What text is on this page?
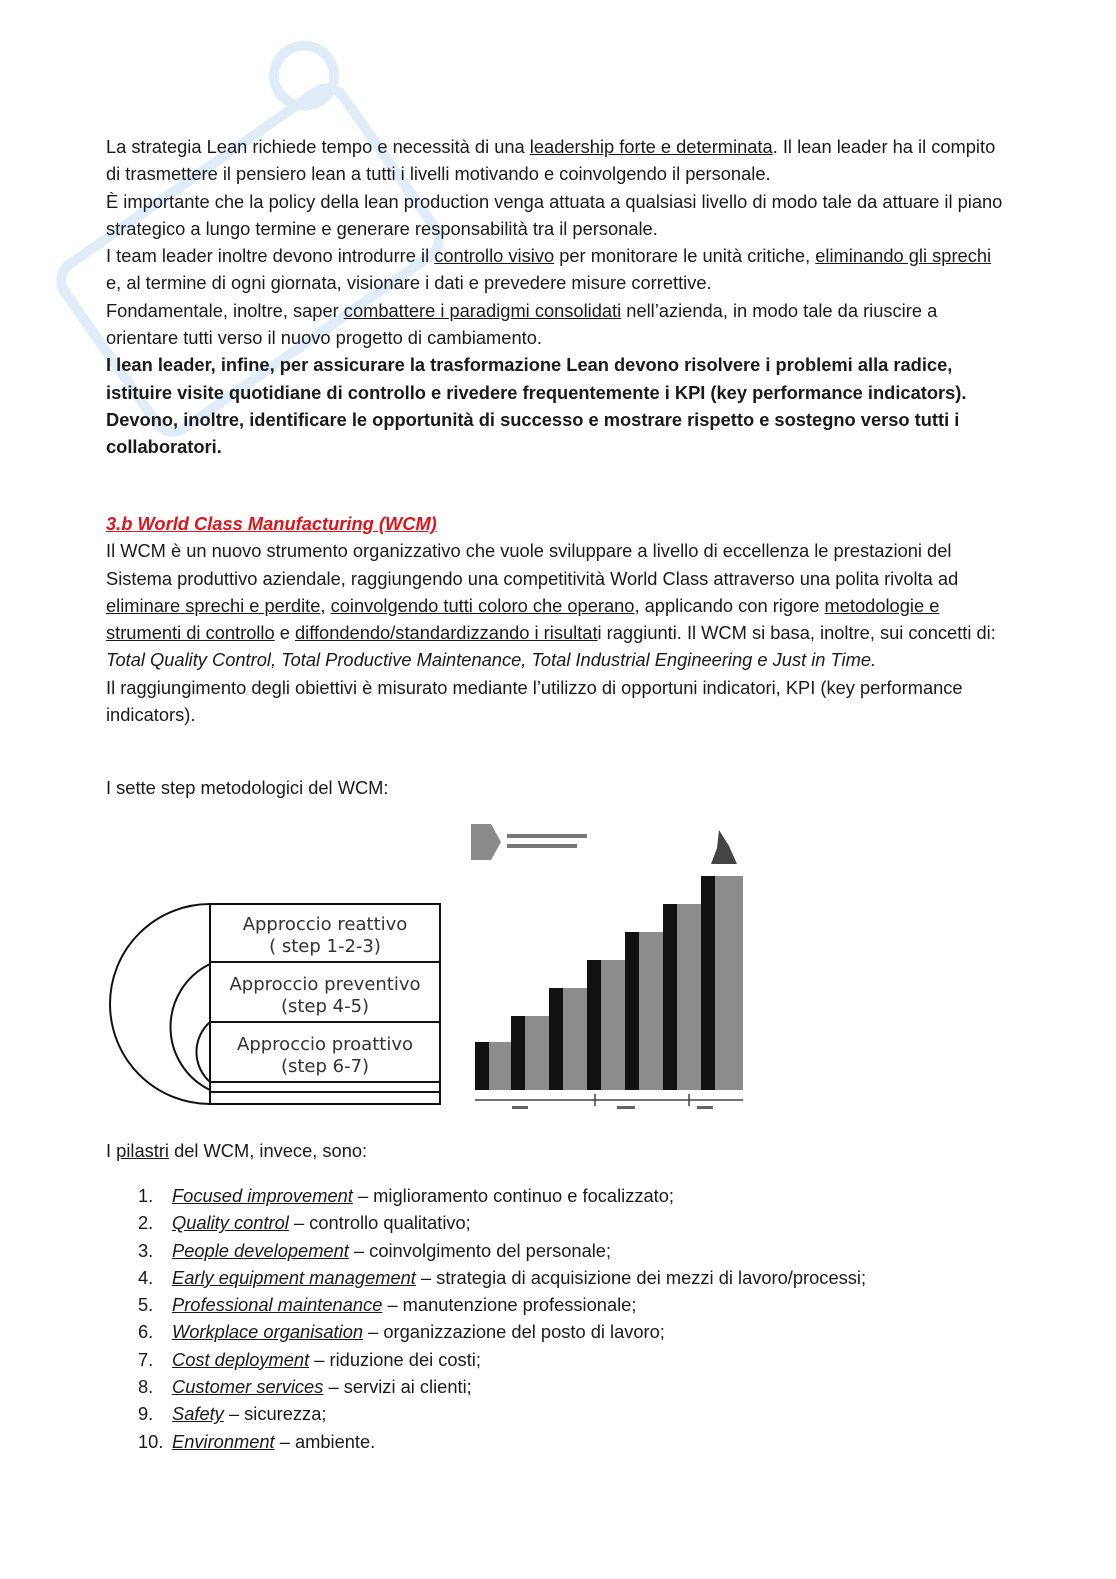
La strategia Lean richiede tempo e necessità di una leadership forte e determinata. Il lean leader ha il compito di trasmettere il pensiero lean a tutti i livelli motivando e coinvolgendo il personale.

È importante che la policy della lean production venga attuata a qualsiasi livello di modo tale da attuare il piano strategico a lungo termine e generare responsabilità tra il personale.

I team leader inoltre devono introdurre il controllo visivo per monitorare le unità critiche, eliminando gli sprechi e, al termine di ogni giornata, visionare i dati e prevedere misure correttive.

Fondamentale, inoltre, saper combattere i paradigmi consolidati nell’azienda, in modo tale da riuscire a orientare tutti verso il nuovo progetto di cambiamento.

I lean leader, infine, per assicurare la trasformazione Lean devono risolvere i problemi alla radice, istituire visite quotidiane di controllo e rivedere frequentemente i KPI (key performance indicators). Devono, inoltre, identificare le opportunità di successo e mostrare rispetto e sostegno verso tutti i collaboratori.

3.b World Class Manufacturing (WCM)

Il WCM è un nuovo strumento organizzativo che vuole sviluppare a livello di eccellenza le prestazioni del Sistema produttivo aziendale, raggiungendo una competitività World Class attraverso una polita rivolta ad eliminare sprechi e perdite, coinvolgendo tutti coloro che operano, applicando con rigore metodologie e strumenti di controllo e diffondendo/standardizzando i risultati raggiunti. Il WCM si basa, inoltre, sui concetti di: Total Quality Control, Total Productive Maintenance, Total Industrial Engineering e Just in Time.

Il raggiungimento degli obiettivi è misurato mediante l’utilizzo di opportuni indicatori, KPI (key performance indicators).

I sette step metodologici del WCM:

Approccio reattivo
( step 1-2-3)
Approccio preventivo
(step 4-5)
Approccio proattivo
(step 6-7)

I pilastri del WCM, invece, sono:

1. Focused improvement – miglioramento continuo e focalizzato;
2. Quality control – controllo qualitativo;
3. People developement – coinvolgimento del personale;
4. Early equipment management – strategia di acquisizione dei mezzi di lavoro/processi;
5. Professional maintenance – manutenzione professionale;
6. Workplace organisation – organizzazione del posto di lavoro;
7. Cost deployment – riduzione dei costi;
8. Customer services – servizi ai clienti;
9. Safety – sicurezza;
10. Environment – ambiente.
